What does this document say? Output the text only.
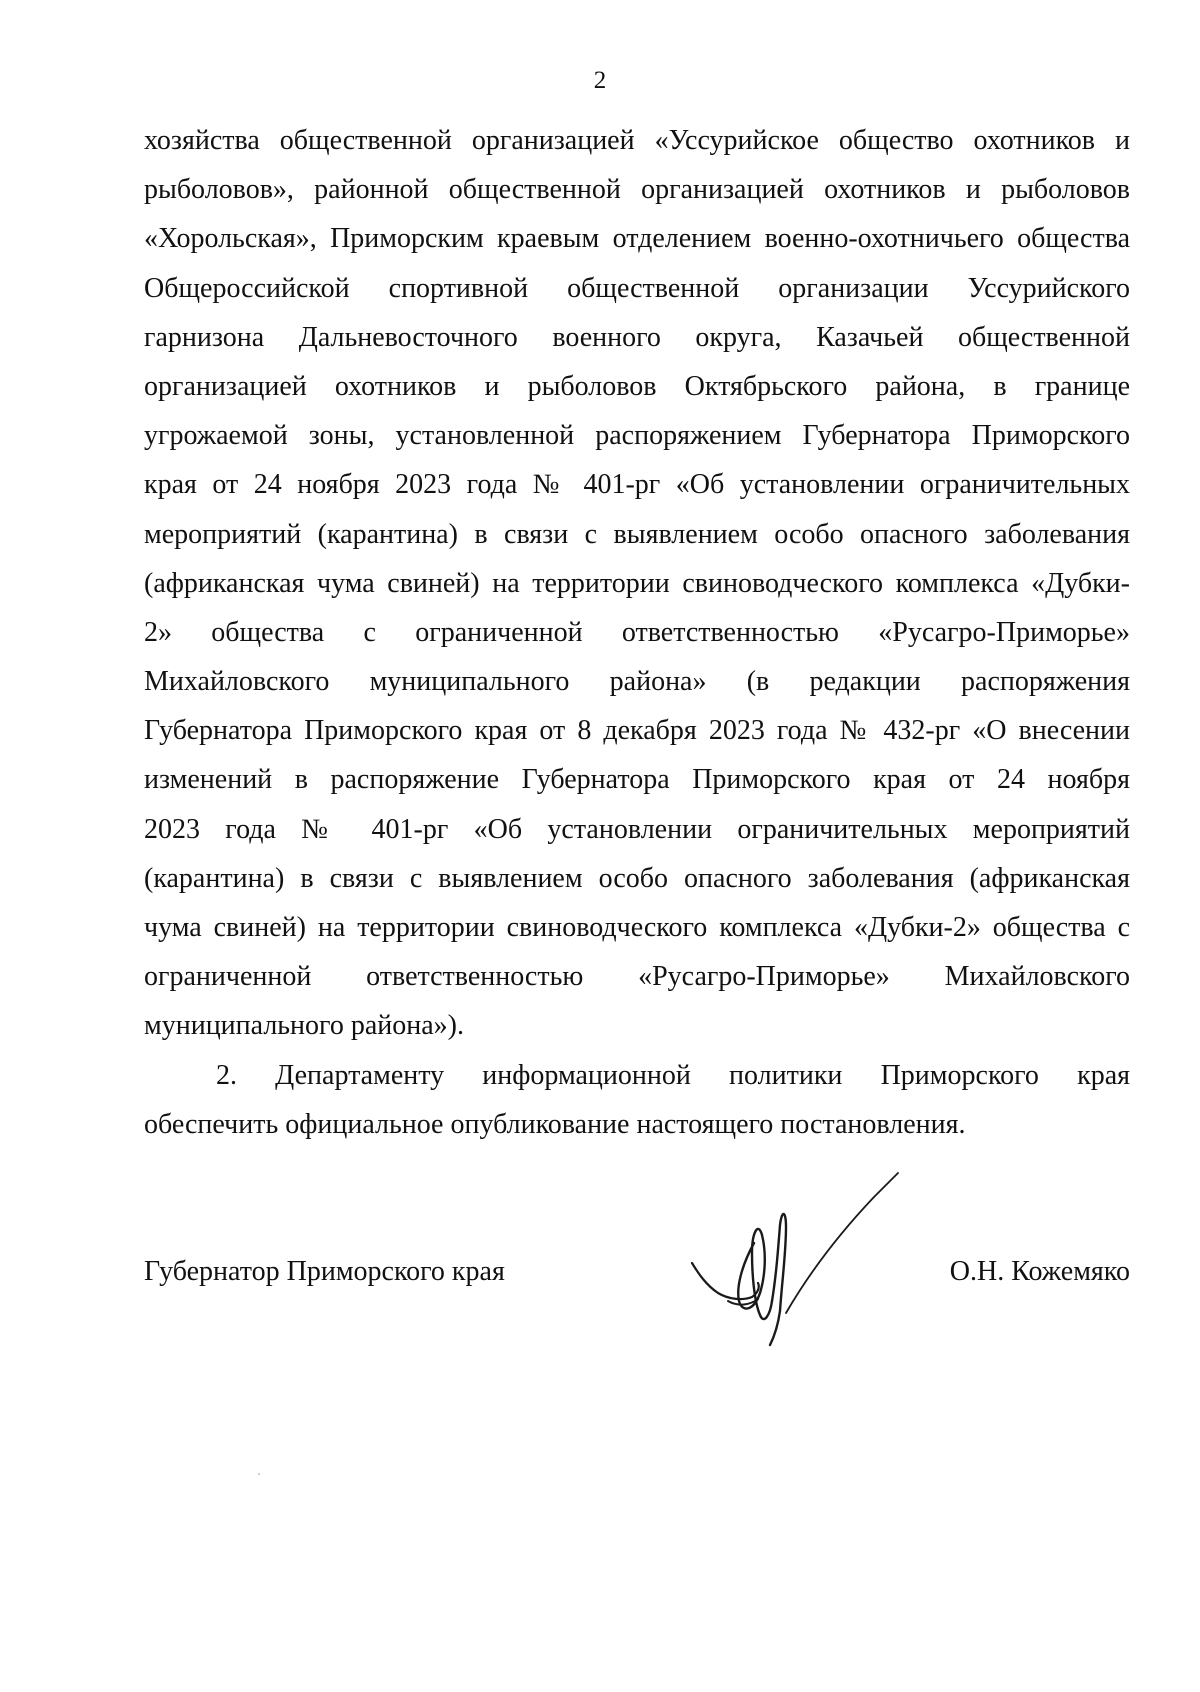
2
хозяйства общественной организацией «Уссурийское общество охотников и
рыболовов», районной общественной организацией охотников и рыболовов
«Хорольская», Приморским краевым отделением военно-охотничьего общества
Общероссийской спортивной общественной организации Уссурийского
гарнизона Дальневосточного военного округа, Казачьей общественной
организацией охотников и рыболовов Октябрьского района, в границе
угрожаемой зоны, установленной распоряжением Губернатора Приморского
края от 24 ноября 2023 года № 401-рг «Об установлении ограничительных
мероприятий (карантина) в связи с выявлением особо опасного заболевания
(африканская чума свиней) на территории свиноводческого комплекса «Дубки-
2» общества с ограниченной ответственностью «Русагро-Приморье»
Михайловского муниципального района» (в редакции распоряжения
Губернатора Приморского края от 8 декабря 2023 года № 432-рг «О внесении
изменений в распоряжение Губернатора Приморского края от 24 ноября
2023 года № 401-рг «Об установлении ограничительных мероприятий
(карантина) в связи с выявлением особо опасного заболевания (африканская
чума свиней) на территории свиноводческого комплекса «Дубки-2» общества с
ограниченной ответственностью «Русагро-Приморье» Михайловского
муниципального района»).
2. Департаменту информационной политики Приморского края
обеспечить официальное опубликование настоящего постановления.
Губернатор Приморского края	О.Н. Кожемяко
